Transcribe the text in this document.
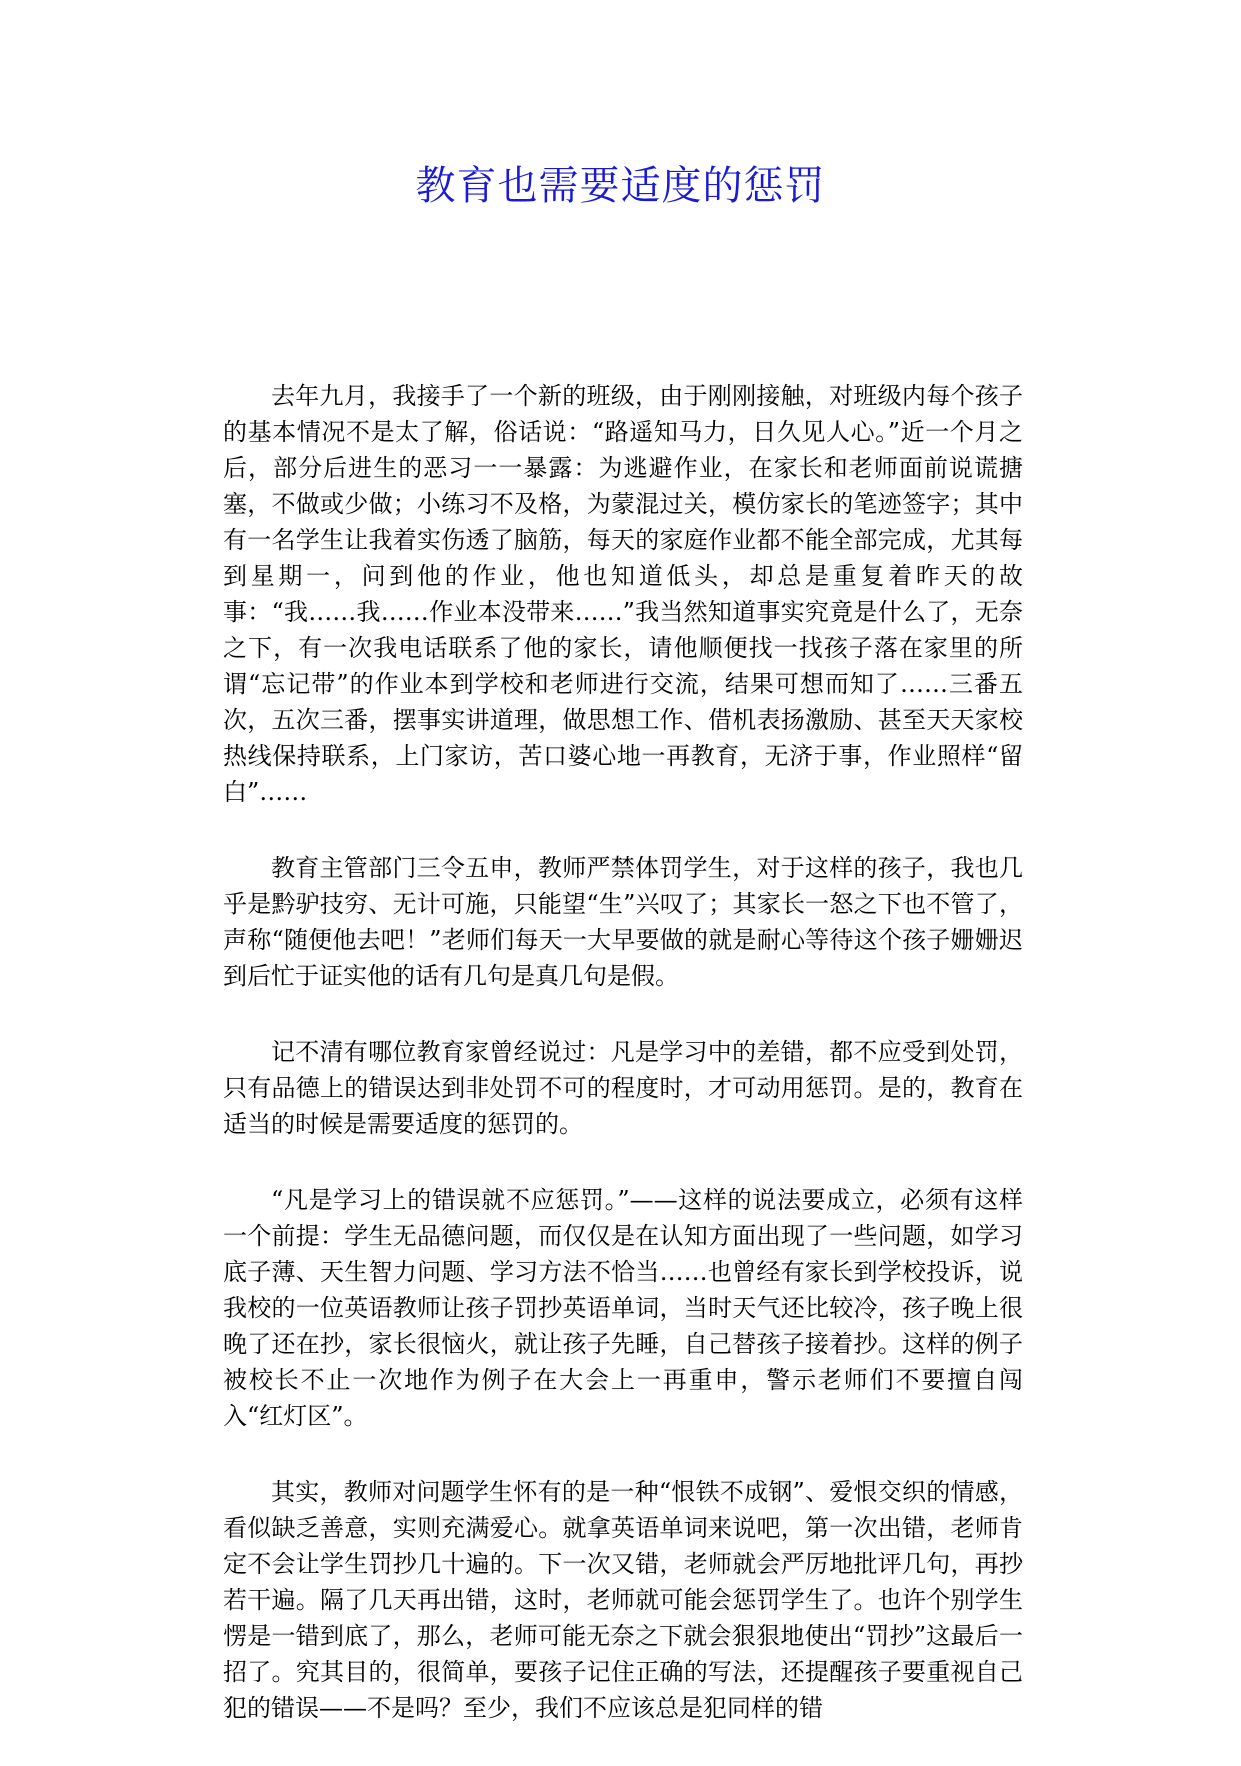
教育也需要适度的惩罚

去年九月，我接手了一个新的班级，由于刚刚接触，对班级内每个孩子的基本情况不是太了解，俗话说：“路遥知马力，日久见人心。”近一个月之后，部分后进生的恶习一一暴露：为逃避作业，在家长和老师面前说谎搪塞，不做或少做；小练习不及格，为蒙混过关，模仿家长的笔迹签字；其中有一名学生让我着实伤透了脑筋，每天的家庭作业都不能全部完成，尤其每到星期一，问到他的作业，他也知道低头，却总是重复着昨天的故事：“我……我……作业本没带来……”我当然知道事实究竟是什么了，无奈之下，有一次我电话联系了他的家长，请他顺便找一找孩子落在家里的所谓“忘记带”的作业本到学校和老师进行交流，结果可想而知了……三番五次，五次三番，摆事实讲道理，做思想工作、借机表扬激励、甚至天天家校热线保持联系，上门家访，苦口婆心地一再教育，无济于事，作业照样“留白”……

教育主管部门三令五申，教师严禁体罚学生，对于这样的孩子，我也几乎是黔驴技穷、无计可施，只能望“生”兴叹了；其家长一怒之下也不管了，声称“随便他去吧！”老师们每天一大早要做的就是耐心等待这个孩子姗姗迟到后忙于证实他的话有几句是真几句是假。

记不清有哪位教育家曾经说过：凡是学习中的差错，都不应受到处罚，只有品德上的错误达到非处罚不可的程度时，才可动用惩罚。是的，教育在适当的时候是需要适度的惩罚的。

“凡是学习上的错误就不应惩罚。”——这样的说法要成立，必须有这样一个前提：学生无品德问题，而仅仅是在认知方面出现了一些问题，如学习底子薄、天生智力问题、学习方法不恰当……也曾经有家长到学校投诉，说我校的一位英语教师让孩子罚抄英语单词，当时天气还比较冷，孩子晚上很晚了还在抄，家长很恼火，就让孩子先睡，自己替孩子接着抄。这样的例子被校长不止一次地作为例子在大会上一再重申，警示老师们不要擅自闯入“红灯区”。

其实，教师对问题学生怀有的是一种“恨铁不成钢”、爱恨交织的情感，看似缺乏善意，实则充满爱心。就拿英语单词来说吧，第一次出错，老师肯定不会让学生罚抄几十遍的。下一次又错，老师就会严厉地批评几句，再抄若干遍。隔了几天再出错，这时，老师就可能会惩罚学生了。也许个别学生愣是一错到底了，那么，老师可能无奈之下就会狠狠地使出“罚抄”这最后一招了。究其目的，很简单，要孩子记住正确的写法，还提醒孩子要重视自己犯的错误——不是吗？至少，我们不应该总是犯同样的错
